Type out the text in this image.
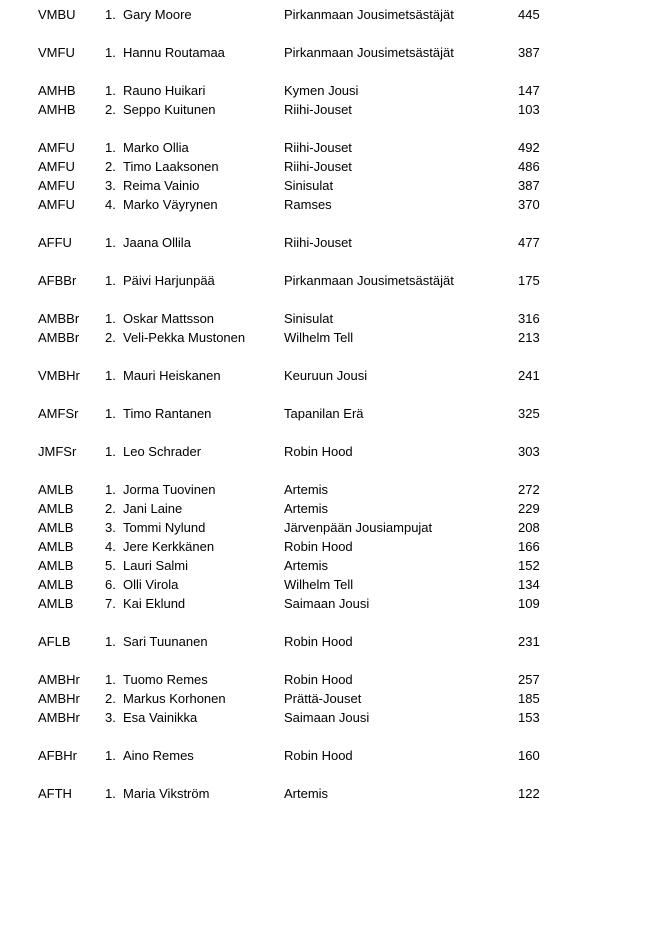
VMBU 1. Gary Moore	Pirkanmaan Jousimetsästäjät	445
VMFU 1. Hannu Routamaa	Pirkanmaan Jousimetsästäjät	387
AMHB 1. Rauno Huikari	Kymen Jousi	147
AMHB 2. Seppo Kuitunen	Riihi-Jouset	103
AMFU 1. Marko Ollia	Riihi-Jouset	492
AMFU 2. Timo Laaksonen	Riihi-Jouset	486
AMFU 3. Reima Vainio	Sinisulat	387
AMFU 4. Marko Väyrynen	Ramses	370
AFFU	1. Jaana Ollila	Riihi-Jouset	477
AFBBr 1. Päivi Harjunpää	Pirkanmaan Jousimetsästäjät	175
AMBBr 1. Oskar Mattsson	Sinisulat	316
AMBBr 2. Veli-Pekka Mustonen	Wilhelm Tell	213
VMBHr 1. Mauri Heiskanen	Keuruun Jousi	241
AMFSr 1. Timo Rantanen	Tapanilan Erä	325
JMFSr 1. Leo Schrader	Robin Hood	303
AMLB 1. Jorma Tuovinen	Artemis	272
AMLB 2. Jani Laine	Artemis	229
AMLB 3. Tommi Nylund	Järvenpään Jousiampujat	208
AMLB 4. Jere Kerkkänen	Robin Hood	166
AMLB 5. Lauri Salmi	Artemis	152
AMLB 6. Olli Virola	Wilhelm Tell	134
AMLB 7. Kai Eklund	Saimaan Jousi	109
AFLB	1. Sari Tuunanen	Robin Hood	231
AMBHr 1. Tuomo Remes	Robin Hood	257
AMBHr 2. Markus Korhonen	Prättä-Jouset	185
AMBHr 3. Esa Vainikka	Saimaan Jousi	153
AFBHr 1. Aino Remes	Robin Hood	160
AFTH	1. Maria Vikström	Artemis	122
